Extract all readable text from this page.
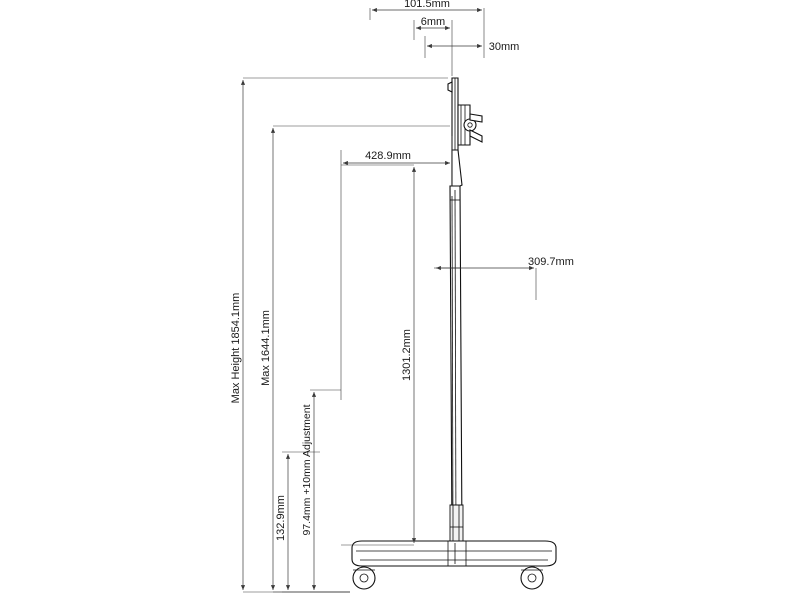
101.5mm
6mm
30mm
428.9mm
309.7mm
1301.2mm
Max Height 1854.1mm Max 1644.1mm
132.9mm 97.4mm +10mm Adjustment
